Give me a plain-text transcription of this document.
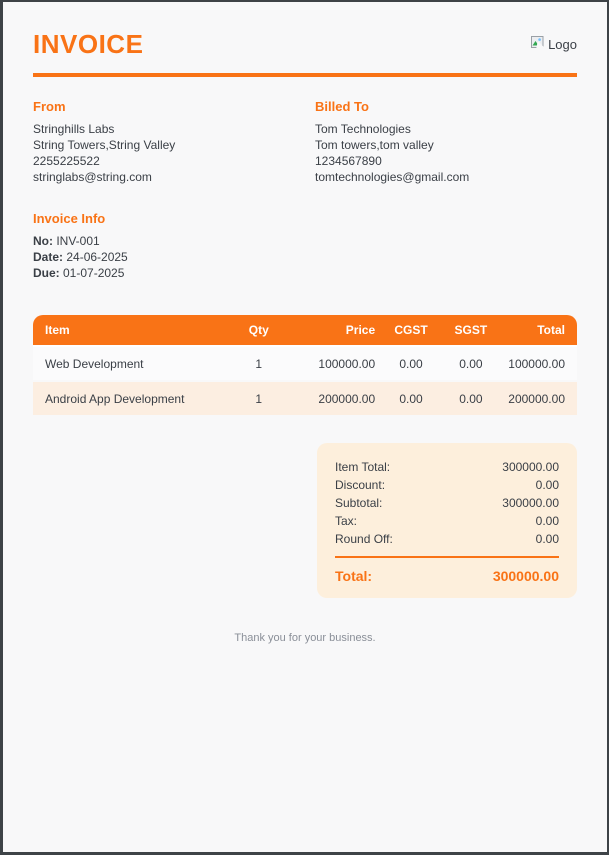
INVOICE	Logo
From
Stringhills Labs
String Towers,String Valley
2255225522
stringlabs@string.com
Billed To
Tom Technologies
Tom towers,tom valley
1234567890
tomtechnologies@gmail.com
Invoice Info
No: INV-001
Date: 24-06-2025
Due: 01-07-2025
Item	Qty	Price	CGST	SGST	Total
Web Development	1	100000.00	0.00	0.00	100000.00
Android App Development	1	200000.00	0.00	0.00	200000.00
Item Total:	300000.00
Discount:	0.00
Subtotal:	300000.00
Tax:	0.00
Round Off:	0.00
Total:	300000.00
Thank you for your business.
